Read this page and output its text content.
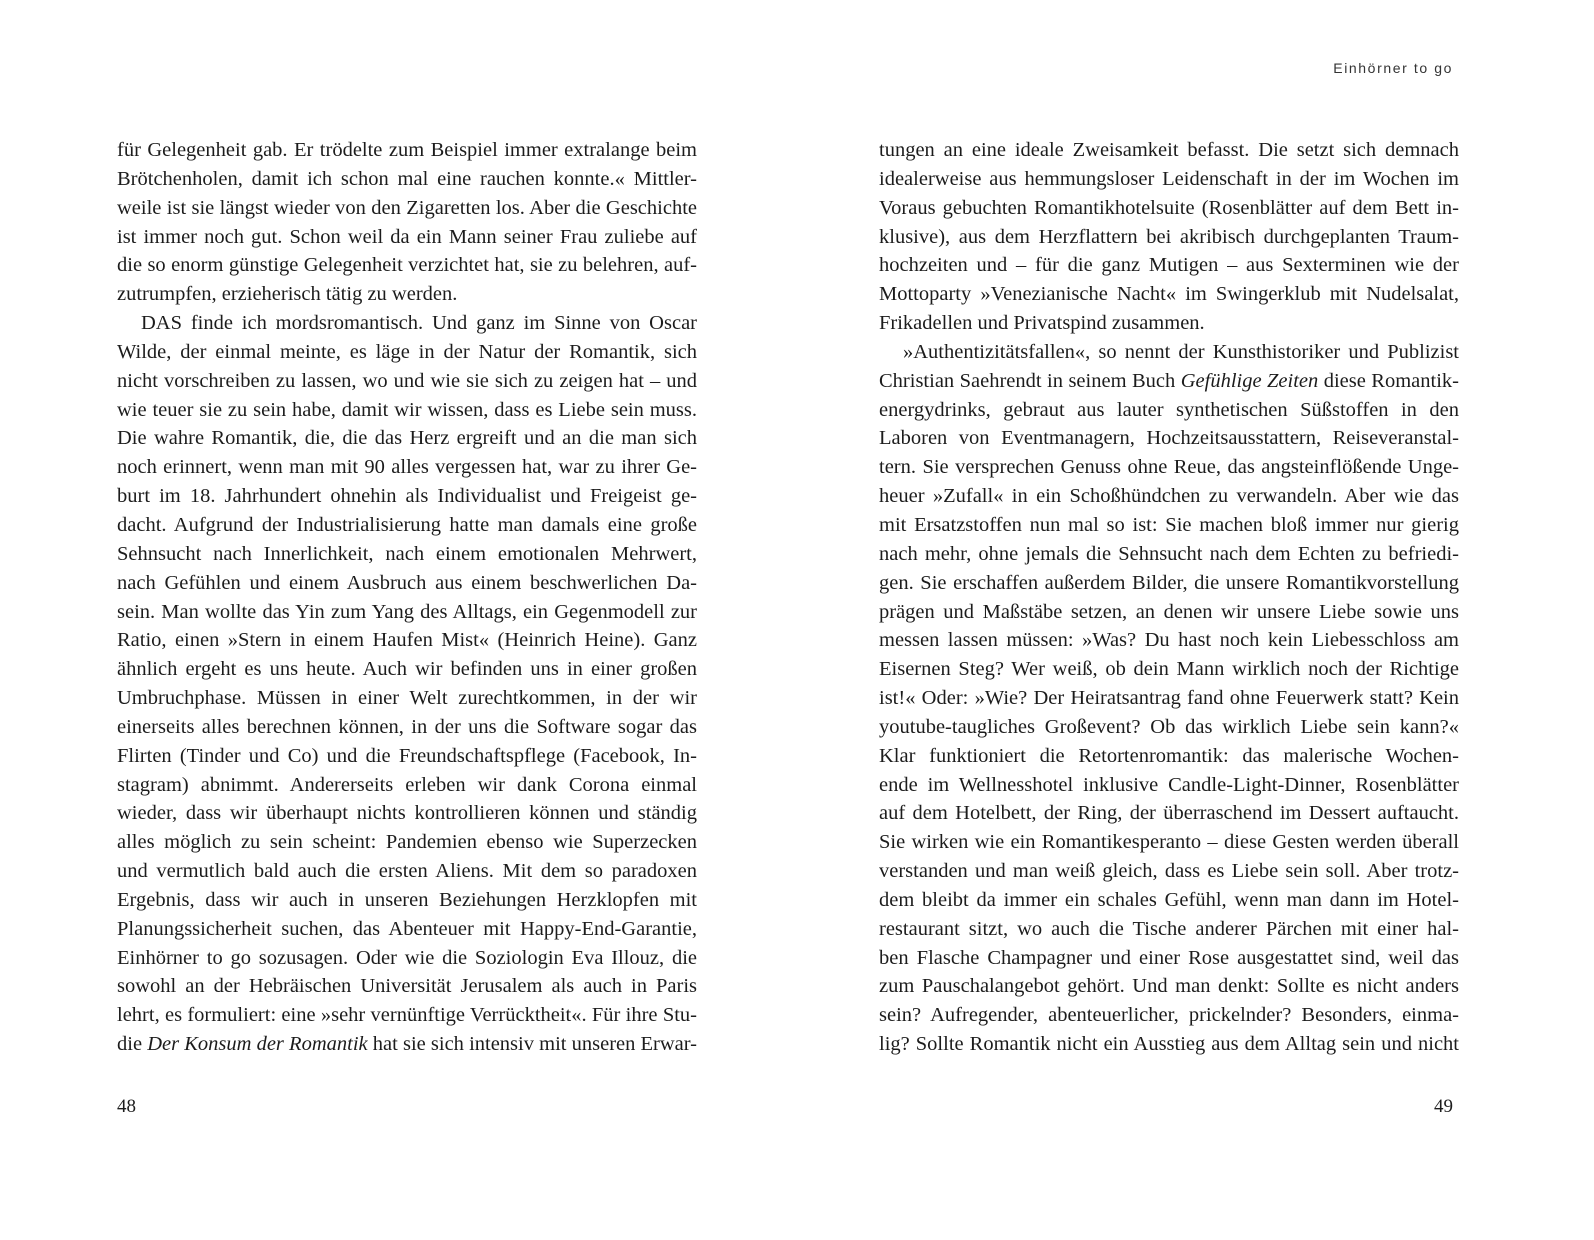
für Gelegenheit gab. Er trödelte zum Beispiel immer extralange beim
Brötchenholen, damit ich schon mal eine rauchen konnte.« Mittler-
weile ist sie längst wieder von den Zigaretten los. Aber die Geschichte
ist immer noch gut. Schon weil da ein Mann seiner Frau zuliebe auf
die so enorm günstige Gelegenheit verzichtet hat, sie zu belehren, auf-
zutrumpfen, erzieherisch tätig zu werden.
DAS finde ich mordsromantisch. Und ganz im Sinne von Oscar
Wilde, der einmal meinte, es läge in der Natur der Romantik, sich
nicht vorschreiben zu lassen, wo und wie sie sich zu zeigen hat – und
wie teuer sie zu sein habe, damit wir wissen, dass es Liebe sein muss.
Die wahre Romantik, die, die das Herz ergreift und an die man sich
noch erinnert, wenn man mit 90 alles vergessen hat, war zu ihrer Ge-
burt im 18. Jahrhundert ohnehin als Individualist und Freigeist ge-
dacht. Aufgrund der Industrialisierung hatte man damals eine große
Sehnsucht nach Innerlichkeit, nach einem emotionalen Mehrwert,
nach Gefühlen und einem Ausbruch aus einem beschwerlichen Da-
sein. Man wollte das Yin zum Yang des Alltags, ein Gegenmodell zur
Ratio, einen »Stern in einem Haufen Mist« (Heinrich Heine). Ganz
ähnlich ergeht es uns heute. Auch wir befinden uns in einer großen
Umbruchphase. Müssen in einer Welt zurechtkommen, in der wir
einerseits alles berechnen können, in der uns die Software sogar das
Flirten (Tinder und Co) und die Freundschaftspflege (Facebook, In-
stagram) abnimmt. Andererseits erleben wir dank Corona einmal
wieder, dass wir überhaupt nichts kontrollieren können und ständig
alles möglich zu sein scheint: Pandemien ebenso wie Superzecken
und vermutlich bald auch die ersten Aliens. Mit dem so paradoxen
Ergebnis, dass wir auch in unseren Beziehungen Herzklopfen mit
Planungssicherheit suchen, das Abenteuer mit Happy-End-Garantie,
Einhörner to go sozusagen. Oder wie die Soziologin Eva Illouz, die
sowohl an der Hebräischen Universität Jerusalem als auch in Paris
lehrt, es formuliert: eine »sehr vernünftige Verrücktheit«. Für ihre Stu-
die Der Konsum der Romantik hat sie sich intensiv mit unseren Erwar-
48
Einhörner to go
tungen an eine ideale Zweisamkeit befasst. Die setzt sich demnach
idealerweise aus hemmungsloser Leidenschaft in der im Wochen im
Voraus gebuchten Romantikhotelsuite (Rosenblätter auf dem Bett in-
klusive), aus dem Herzflattern bei akribisch durchgeplanten Traum-
hochzeiten und – für die ganz Mutigen – aus Sexterminen wie der
Mottoparty »Venezianische Nacht« im Swingerklub mit Nudelsalat,
Frikadellen und Privatspind zusammen.
»Authentizitätsfallen«, so nennt der Kunsthistoriker und Publizist
Christian Saehrendt in seinem Buch Gefühlige Zeiten diese Romantik-
energydrinks, gebraut aus lauter synthetischen Süßstoffen in den
Laboren von Eventmanagern, Hochzeitsausstattern, Reiseveranstal-
tern. Sie versprechen Genuss ohne Reue, das angsteinflößende Unge-
heuer »Zufall« in ein Schoßhündchen zu verwandeln. Aber wie das
mit Ersatzstoffen nun mal so ist: Sie machen bloß immer nur gierig
nach mehr, ohne jemals die Sehnsucht nach dem Echten zu befriedi-
gen. Sie erschaffen außerdem Bilder, die unsere Romantikvorstellung
prägen und Maßstäbe setzen, an denen wir unsere Liebe sowie uns
messen lassen müssen: »Was? Du hast noch kein Liebesschloss am
Eisernen Steg? Wer weiß, ob dein Mann wirklich noch der Richtige
ist!« Oder: »Wie? Der Heiratsantrag fand ohne Feuerwerk statt? Kein
youtube-taugliches Großevent? Ob das wirklich Liebe sein kann?«
Klar funktioniert die Retortenromantik: das malerische Wochen-
ende im Wellnesshotel inklusive Candle-Light-Dinner, Rosenblätter
auf dem Hotelbett, der Ring, der überraschend im Dessert auftaucht.
Sie wirken wie ein Romantikesperanto – diese Gesten werden überall
verstanden und man weiß gleich, dass es Liebe sein soll. Aber trotz-
dem bleibt da immer ein schales Gefühl, wenn man dann im Hotel-
restaurant sitzt, wo auch die Tische anderer Pärchen mit einer hal-
ben Flasche Champagner und einer Rose ausgestattet sind, weil das
zum Pauschalangebot gehört. Und man denkt: Sollte es nicht anders
sein? Aufregender, abenteuerlicher, prickelnder? Besonders, einma-
lig? Sollte Romantik nicht ein Ausstieg aus dem Alltag sein und nicht
49
